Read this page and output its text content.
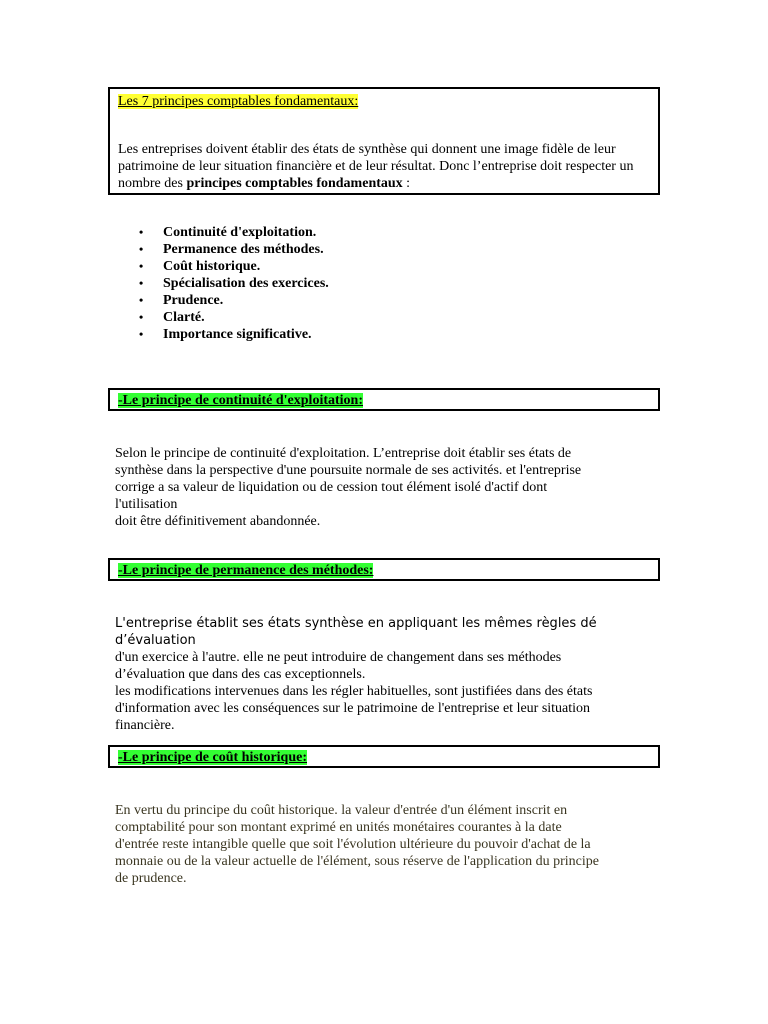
Les 7 principes comptables fondamentaux:

Les entreprises doivent établir des états de synthèse qui donnent une image fidèle de leur patrimoine de leur situation financière et de leur résultat. Donc l’entreprise doit respecter un nombre des principes comptables fondamentaux :

• Continuité d'exploitation.
• Permanence des méthodes.
• Coût historique.
• Spécialisation des exercices.
• Prudence.
• Clarté.
• Importance significative.
-Le principe de continuité d'exploitation:
Selon le principe de continuité d'exploitation. L’entreprise doit établir ses états de
synthèse dans la perspective d'une poursuite normale de ses activités. et l'entreprise
corrige a sa valeur de liquidation ou de cession tout élément isolé d'actif dont
l'utilisation
doit être définitivement abandonnée.
-Le principe de permanence des méthodes:
L'entreprise établit ses états synthèse en appliquant les mêmes règles dé d’évaluation
d'un exercice à l'autre. elle ne peut introduire de changement dans ses méthodes
d’évaluation que dans des cas exceptionnels.
les modifications intervenues dans les régler habituelles, sont justifiées dans des états
d'information avec les conséquences sur le patrimoine de l'entreprise et leur situation
financière.
-Le principe de coût historique:
En vertu du principe du coût historique. la valeur d'entrée d'un élément inscrit en
comptabilité pour son montant exprimé en unités monétaires courantes à la date
d'entrée reste intangible quelle que soit l'évolution ultérieure du pouvoir d'achat de la
monnaie ou de la valeur actuelle de l'élément, sous réserve de l'application du principe
de prudence.
